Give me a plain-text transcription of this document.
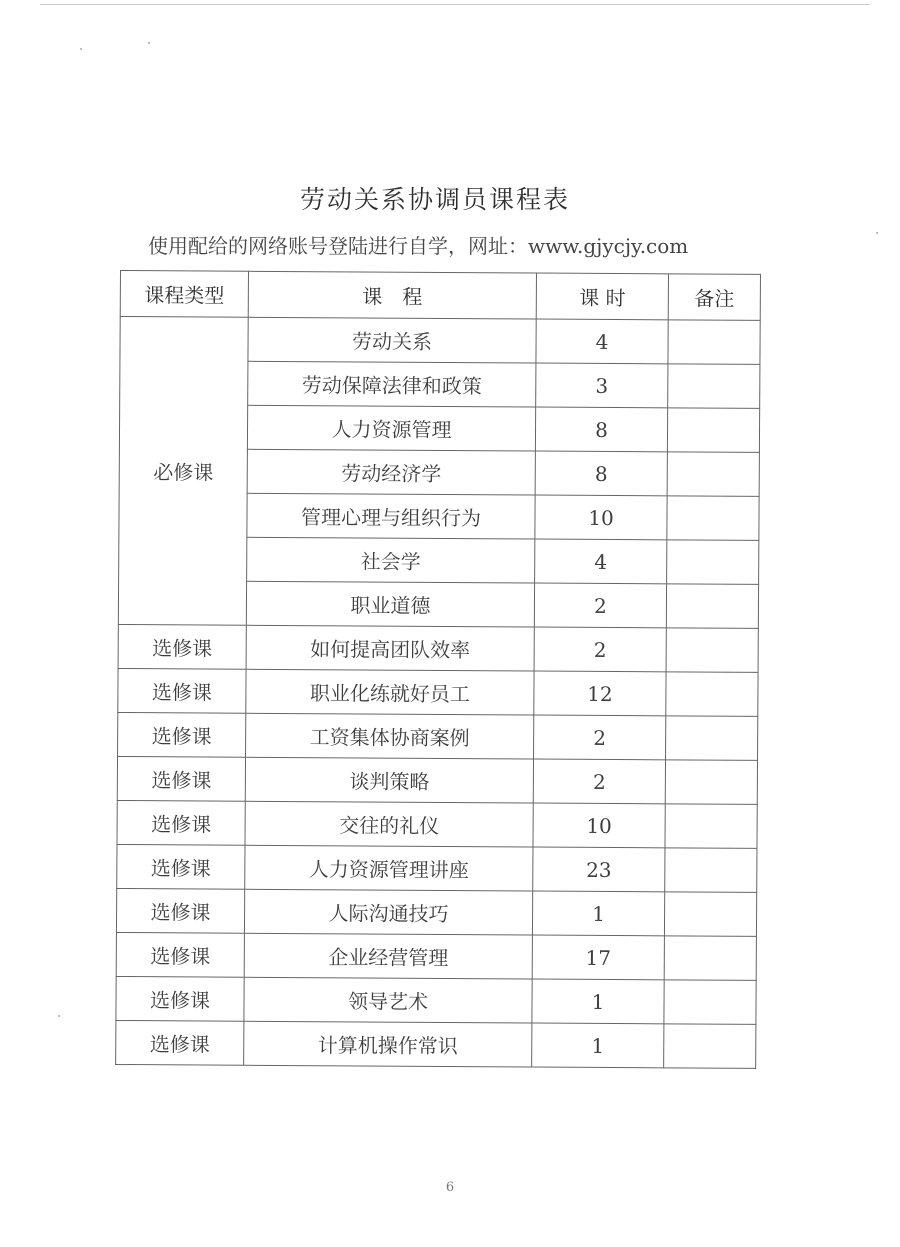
劳动关系协调员课程表
使用配给的网络账号登陆进行自学，网址：www.gjycjy.com
课程类型	课　程	课 时	备注
必修课	劳动关系	4	
	劳动保障法律和政策	3	
	人力资源管理	8	
	劳动经济学	8	
	管理心理与组织行为	10	
	社会学	4	
	职业道德	2	
选修课	如何提高团队效率	2	
选修课	职业化练就好员工	12	
选修课	工资集体协商案例	2	
选修课	谈判策略	2	
选修课	交往的礼仪	10	
选修课	人力资源管理讲座	23	
选修课	人际沟通技巧	1	
选修课	企业经营管理	17	
选修课	领导艺术	1	
选修课	计算机操作常识	1	
6
